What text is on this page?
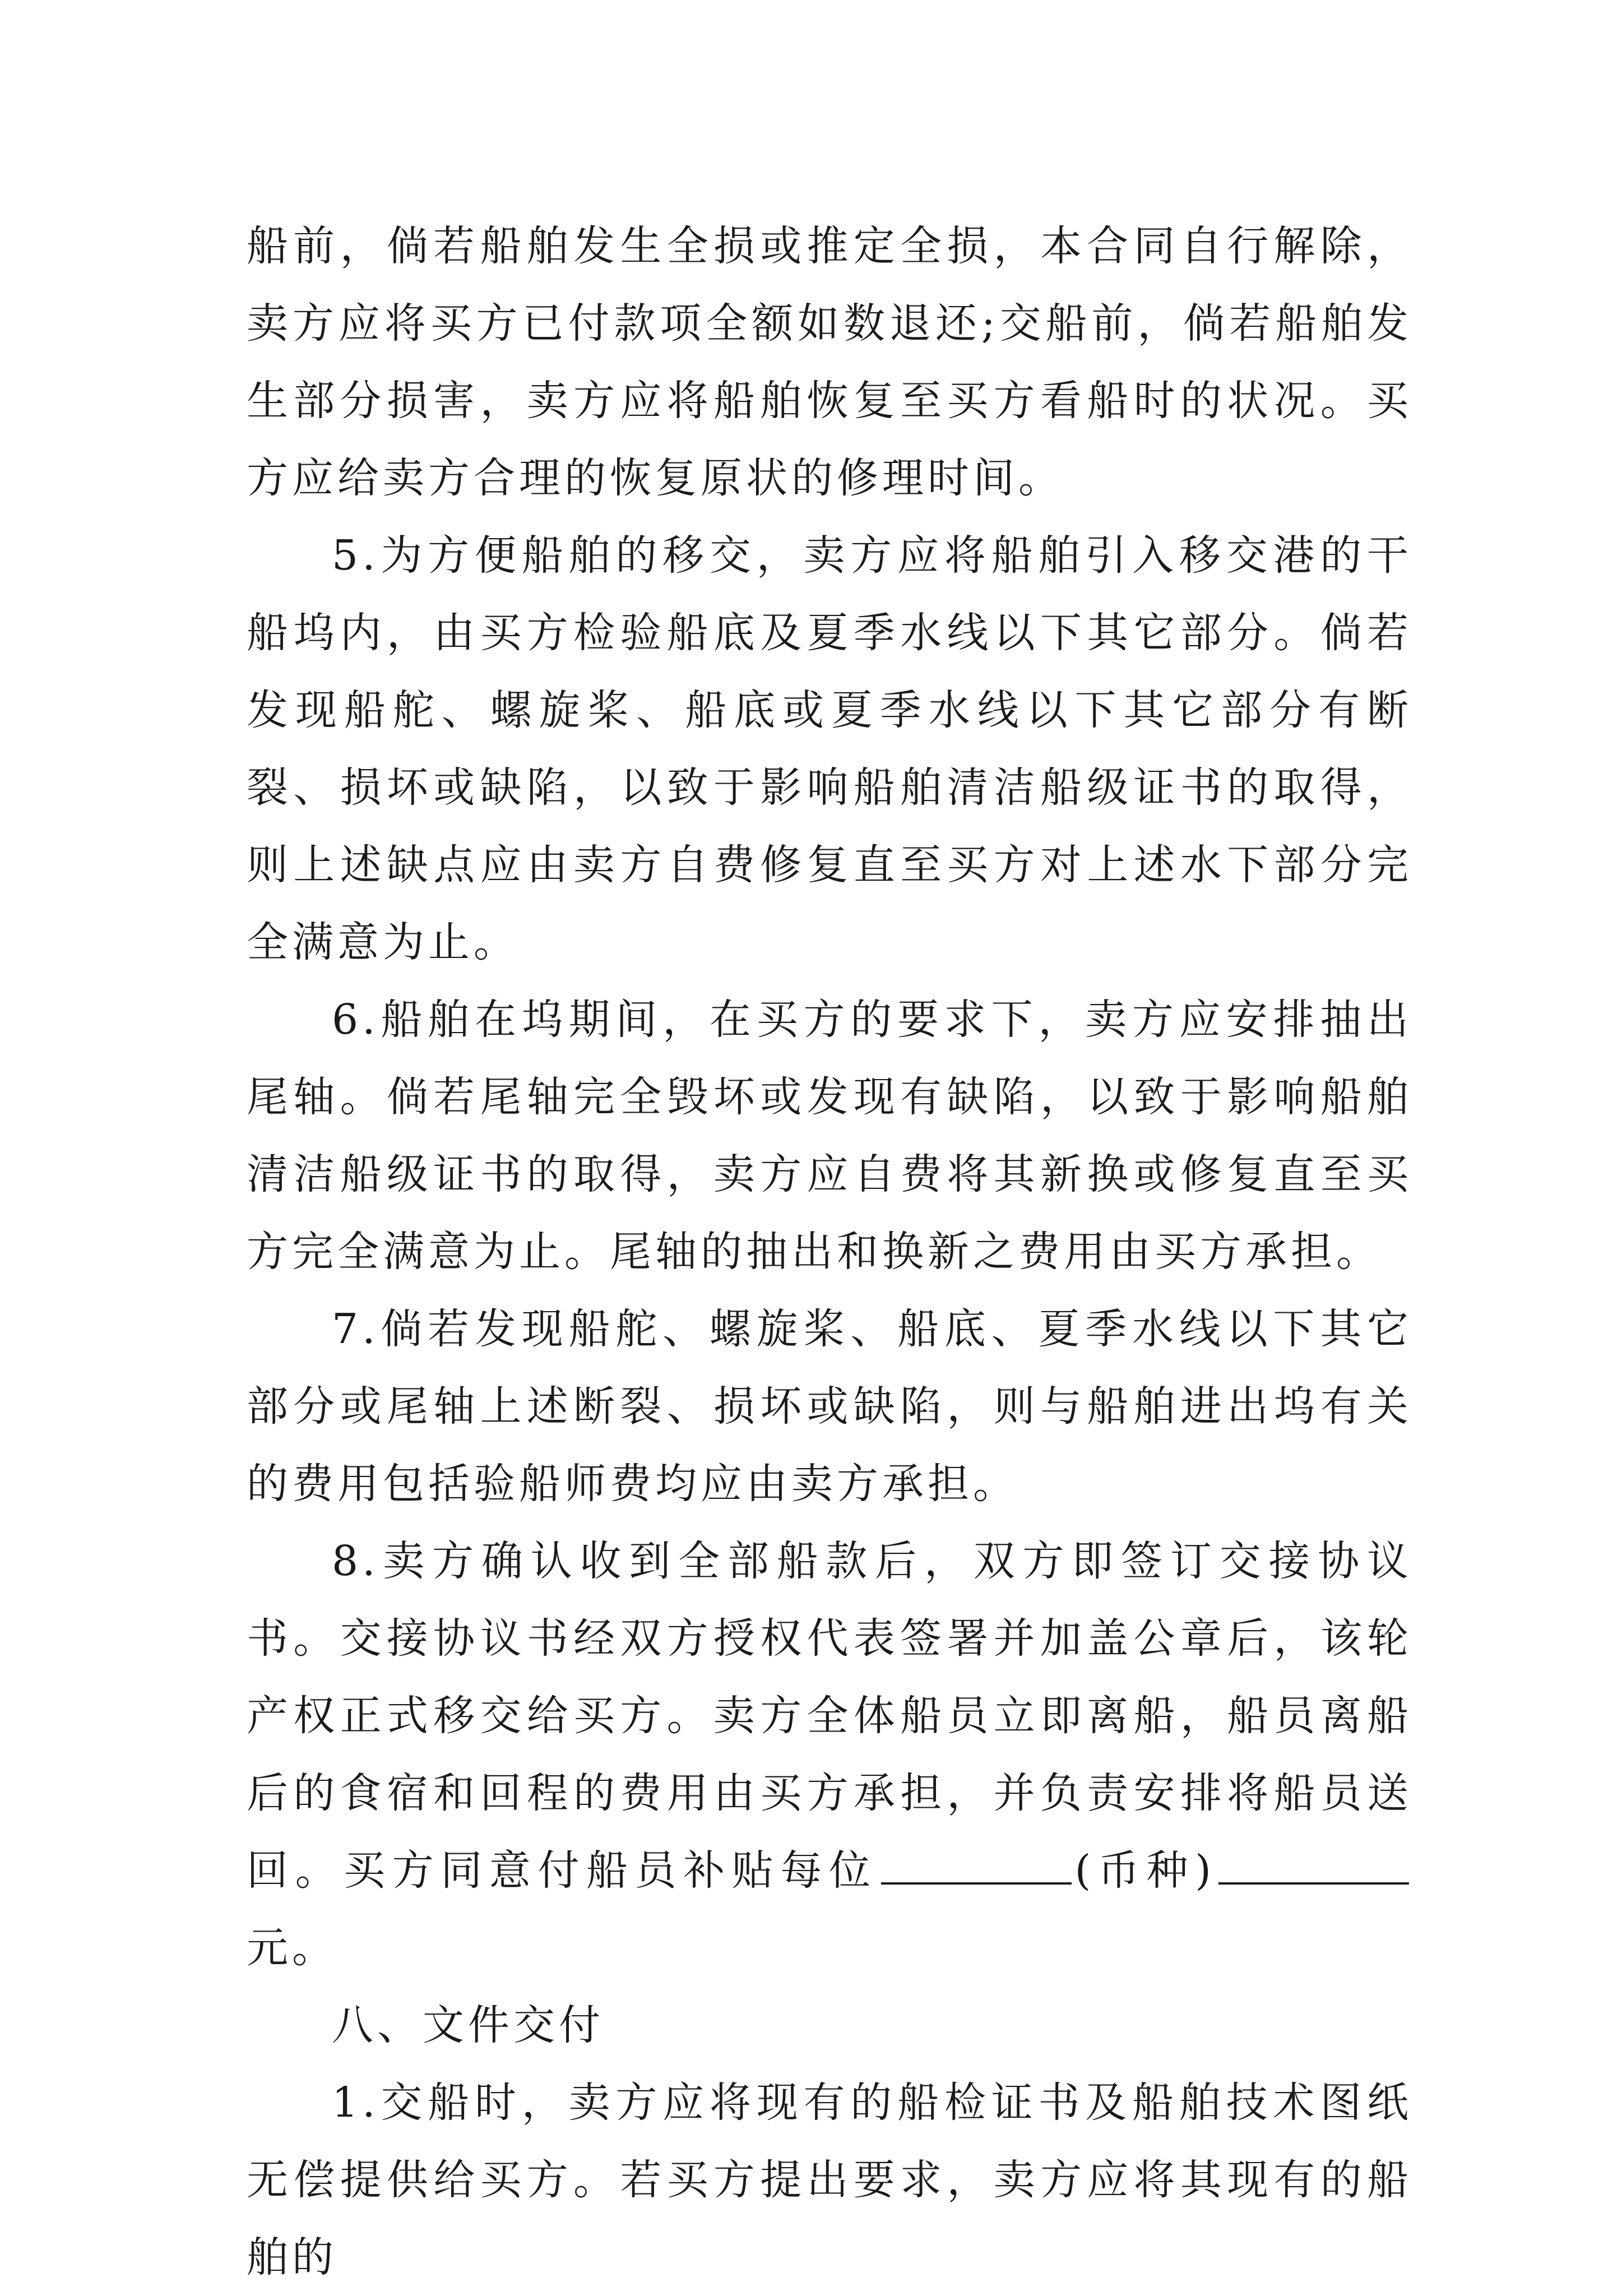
船前，倘若船舶发生全损或推定全损，本合同自行解除，卖方应将买方已付款项全额如数退还;交船前，倘若船舶发生部分损害，卖方应将船舶恢复至买方看船时的状况。买方应给卖方合理的恢复原状的修理时间。

5.为方便船舶的移交，卖方应将船舶引入移交港的干船坞内，由买方检验船底及夏季水线以下其它部分。倘若发现船舵、螺旋桨、船底或夏季水线以下其它部分有断裂、损坏或缺陷，以致于影响船舶清洁船级证书的取得，则上述缺点应由卖方自费修复直至买方对上述水下部分完全满意为止。

6.船舶在坞期间，在买方的要求下，卖方应安排抽出尾轴。倘若尾轴完全毁坏或发现有缺陷，以致于影响船舶清洁船级证书的取得，卖方应自费将其新换或修复直至买方完全满意为止。尾轴的抽出和换新之费用由买方承担。

7.倘若发现船舵、螺旋桨、船底、夏季水线以下其它部分或尾轴上述断裂、损坏或缺陷，则与船舶进出坞有关的费用包括验船师费均应由卖方承担。

8.卖方确认收到全部船款后，双方即签订交接协议书。交接协议书经双方授权代表签署并加盖公章后，该轮产权正式移交给买方。卖方全体船员立即离船，船员离船后的食宿和回程的费用由买方承担，并负责安排将船员送回。买方同意付船员补贴每位	(币种)元。

八、文件交付

1.交船时，卖方应将现有的船检证书及船舶技术图纸无偿提供给买方。若买方提出要求，卖方应将其现有的船舶的
